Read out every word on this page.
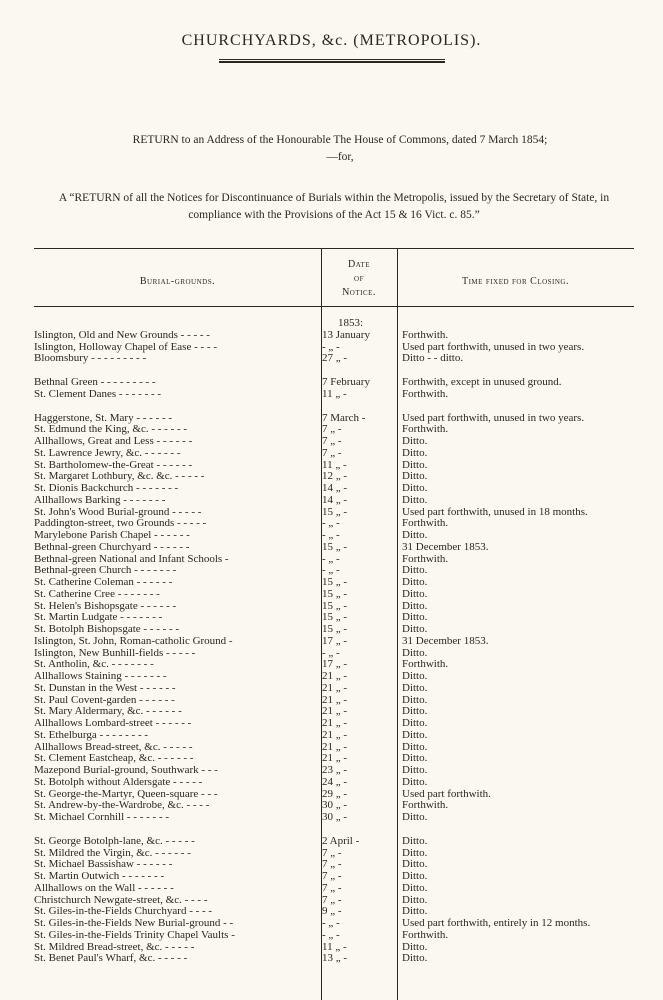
CHURCHYARDS, &c. (METROPOLIS).
RETURN to an Address of the Honourable The House of Commons, dated 7 March 1854;—for,
A “RETURN of all the Notices for Discontinuance of Burials within the Metropolis, issued by the Secretary of State, in compliance with the Provisions of the Act 15 & 16 Vict. c. 85.”
Burial-grounds.
Date
of
Notice.
Time fixed for Closing.
1853:
Islington, Old and New Grounds - - - - -	13 January	Forthwith.
Islington, Holloway Chapel of Ease - - - -	- „ -	Used part forthwith, unused in two years.
Bloomsbury - - - - - - - - -	27 „ -	Ditto - - ditto.
Bethnal Green - - - - - - - - -	7 February	Forthwith, except in unused ground.
St. Clement Danes - - - - - - -	11 „ -	Forthwith.
Haggerstone, St. Mary - - - - - -	7 March -	Used part forthwith, unused in two years.
St. Edmund the King, &c. - - - - - -	7 „ -	Forthwith.
Allhallows, Great and Less - - - - - -	7 „ -	Ditto.
St. Lawrence Jewry, &c. - - - - - -	7 „ -	Ditto.
St. Bartholomew-the-Great - - - - - -	11 „ -	Ditto.
St. Margaret Lothbury, &c. &c. - - - - -	12 „ -	Ditto.
St. Dionis Backchurch - - - - - - -	14 „ -	Ditto.
Allhallows Barking - - - - - - -	14 „ -	Ditto.
St. John's Wood Burial-ground - - - - -	15 „ -	Used part forthwith, unused in 18 months.
Paddington-street, two Grounds - - - - -	- „ -	Forthwith.
Marylebone Parish Chapel - - - - - -	- „ -	Ditto.
Bethnal-green Churchyard - - - - - -	15 „ -	31 December 1853.
Bethnal-green National and Infant Schools -	- „ -	Forthwith.
Bethnal-green Church - - - - - - -	- „ -	Ditto.
St. Catherine Coleman - - - - - -	15 „ -	Ditto.
St. Catherine Cree - - - - - - -	15 „ -	Ditto.
St. Helen's Bishopsgate - - - - - -	15 „ -	Ditto.
St. Martin Ludgate - - - - - - -	15 „ -	Ditto.
St. Botolph Bishopsgate - - - - - -	15 „ -	Ditto.
Islington, St. John, Roman-catholic Ground -	17 „ -	31 December 1853.
Islington, New Bunhill-fields - - - - -	- „ -	Ditto.
St. Antholin, &c. - - - - - - -	17 „ -	Forthwith.
Allhallows Staining - - - - - - -	21 „ -	Ditto.
St. Dunstan in the West - - - - - -	21 „ -	Ditto.
St. Paul Covent-garden - - - - - -	21 „ -	Ditto.
St. Mary Aldermary, &c. - - - - - -	21 „ -	Ditto.
Allhallows Lombard-street - - - - - -	21 „ -	Ditto.
St. Ethelburga - - - - - - - -	21 „ -	Ditto.
Allhallows Bread-street, &c. - - - - -	21 „ -	Ditto.
St. Clement Eastcheap, &c. - - - - - -	21 „ -	Ditto.
Mazepond Burial-ground, Southwark - - -	23 „ -	Ditto.
St. Botolph without Aldersgate - - - - -	24 „ -	Ditto.
St. George-the-Martyr, Queen-square - - -	29 „ -	Used part forthwith.
St. Andrew-by-the-Wardrobe, &c. - - - -	30 „ -	Forthwith.
St. Michael Cornhill - - - - - - -	30 „ -	Ditto.
St. George Botolph-lane, &c. - - - - -	2 April -	Ditto.
St. Mildred the Virgin, &c. - - - - - -	7 „ -	Ditto.
St. Michael Bassishaw - - - - - -	7 „ -	Ditto.
St. Martin Outwich - - - - - - -	7 „ -	Ditto.
Allhallows on the Wall - - - - - -	7 „ -	Ditto.
Christchurch Newgate-street, &c. - - - -	7 „ -	Ditto.
St. Giles-in-the-Fields Churchyard - - - -	9 „ -	Ditto.
St. Giles-in-the-Fields New Burial-ground - -	- „ -	Used part forthwith, entirely in 12 months.
St. Giles-in-the-Fields Trinity Chapel Vaults -	- „ -	Forthwith.
St. Mildred Bread-street, &c. - - - - -	11 „ -	Ditto.
St. Benet Paul's Wharf, &c. - - - - -	13 „ -	Ditto.
